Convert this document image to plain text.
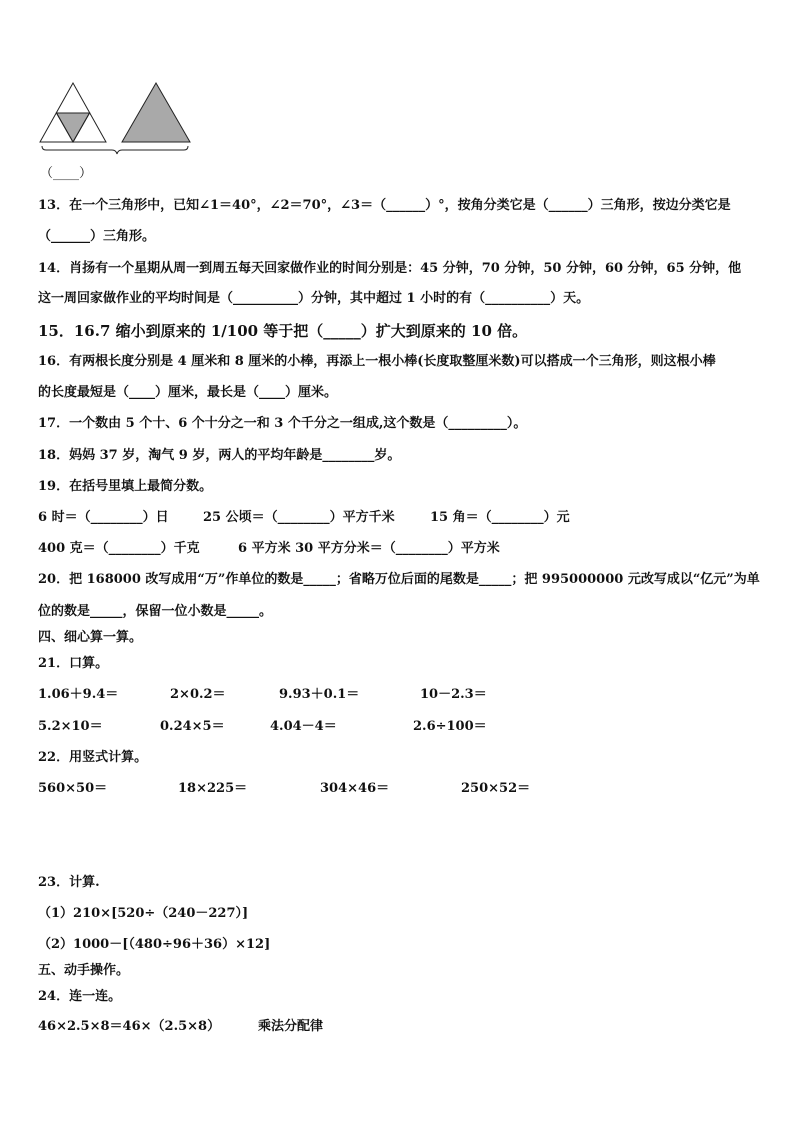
（____）
13．在一个三角形中，已知∠1＝40°，∠2＝70°，∠3＝（______）°，按角分类它是（______）三角形，按边分类它是
（______）三角形。
14．肖扬有一个星期从周一到周五每天回家做作业的时间分别是：45 分钟，70 分钟，50 分钟，60 分钟，65 分钟，他
这一周回家做作业的平均时间是（__________）分钟，其中超过 1 小时的有（__________）天。
15．16.7 缩小到原来的 1/100 等于把（_____）扩大到原来的 10 倍。
16．有两根长度分别是 4 厘米和 8 厘米的小棒，再添上一根小棒(长度取整厘米数)可以搭成一个三角形，则这根小棒
的长度最短是（____）厘米，最长是（____）厘米。
17．一个数由 5 个十、6 个十分之一和 3 个千分之一组成,这个数是（_________）。
18．妈妈 37 岁，淘气 9 岁，两人的平均年龄是________岁。
19．在括号里填上最简分数。
6 时＝（________）日	25 公顷＝（________）平方千米	15 角＝（________）元
400 克＝（________）千克	6 平方米 30 平方分米＝（________）平方米
20．把 168000 改写成用“万”作单位的数是_____；省略万位后面的尾数是_____；把 995000000 元改写成以“亿元”为单
位的数是_____，保留一位小数是_____。
四、细心算一算。
21．口算。
1.06＋9.4＝	2×0.2＝	9.93＋0.1＝	10－2.3＝
5.2×10＝	0.24×5＝	4.04－4＝	2.6÷100＝
22．用竖式计算。
560×50＝	18×225＝	304×46＝	250×52＝
23．计算.
（1）210×[520÷（240－227）]
（2）1000－[（480÷96＋36）×12]
五、动手操作。
24．连一连。
46×2.5×8＝46×（2.5×8）	乘法分配律
